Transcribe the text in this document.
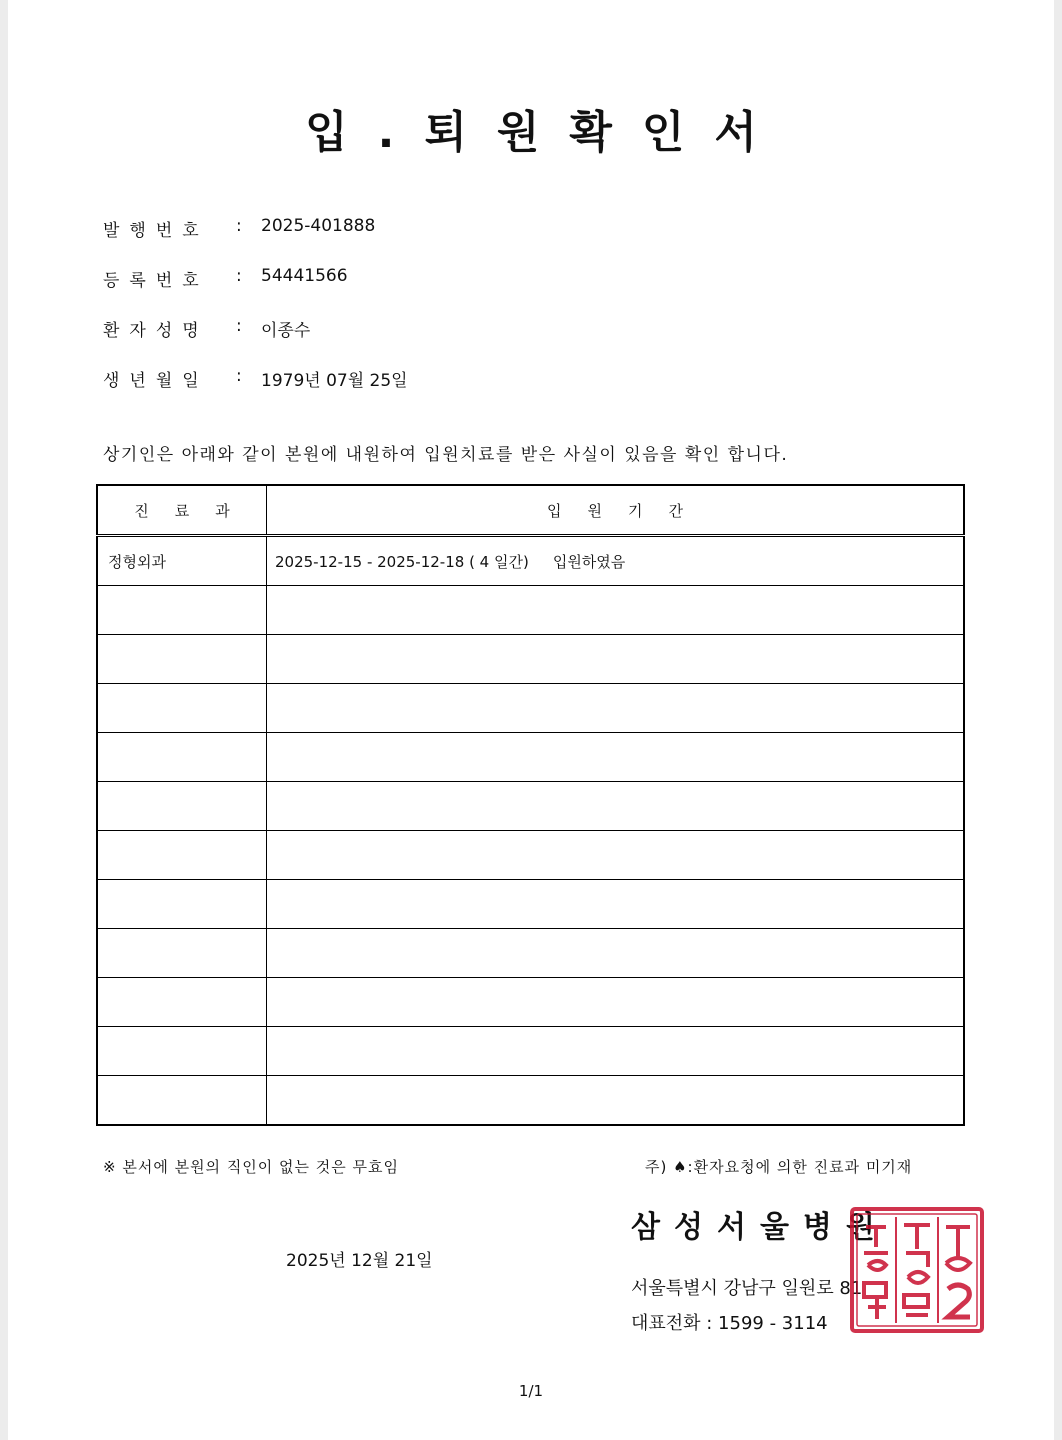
입.퇴원확인서
발행번호	: 2025-401888
등록번호	: 54441566
환자성명	: 이종수
생년월일	: 1979년 07월 25일
상기인은 아래와 같이 본원에 내원하여 입원치료를 받은 사실이 있음을 확인 합니다.
진료과	입원기간
정형외과	2025-12-15 - 2025-12-18 ( 4 일간) 입원하였음

※ 본서에 본원의 직인이 없는 것은 무효임	주) ♠:환자요청에 의한 진료과 미기재
2025년 12월 21일
삼성서울병원
서울특별시 강남구 일원로 81
대표전화 : 1599 - 3114
1/1
